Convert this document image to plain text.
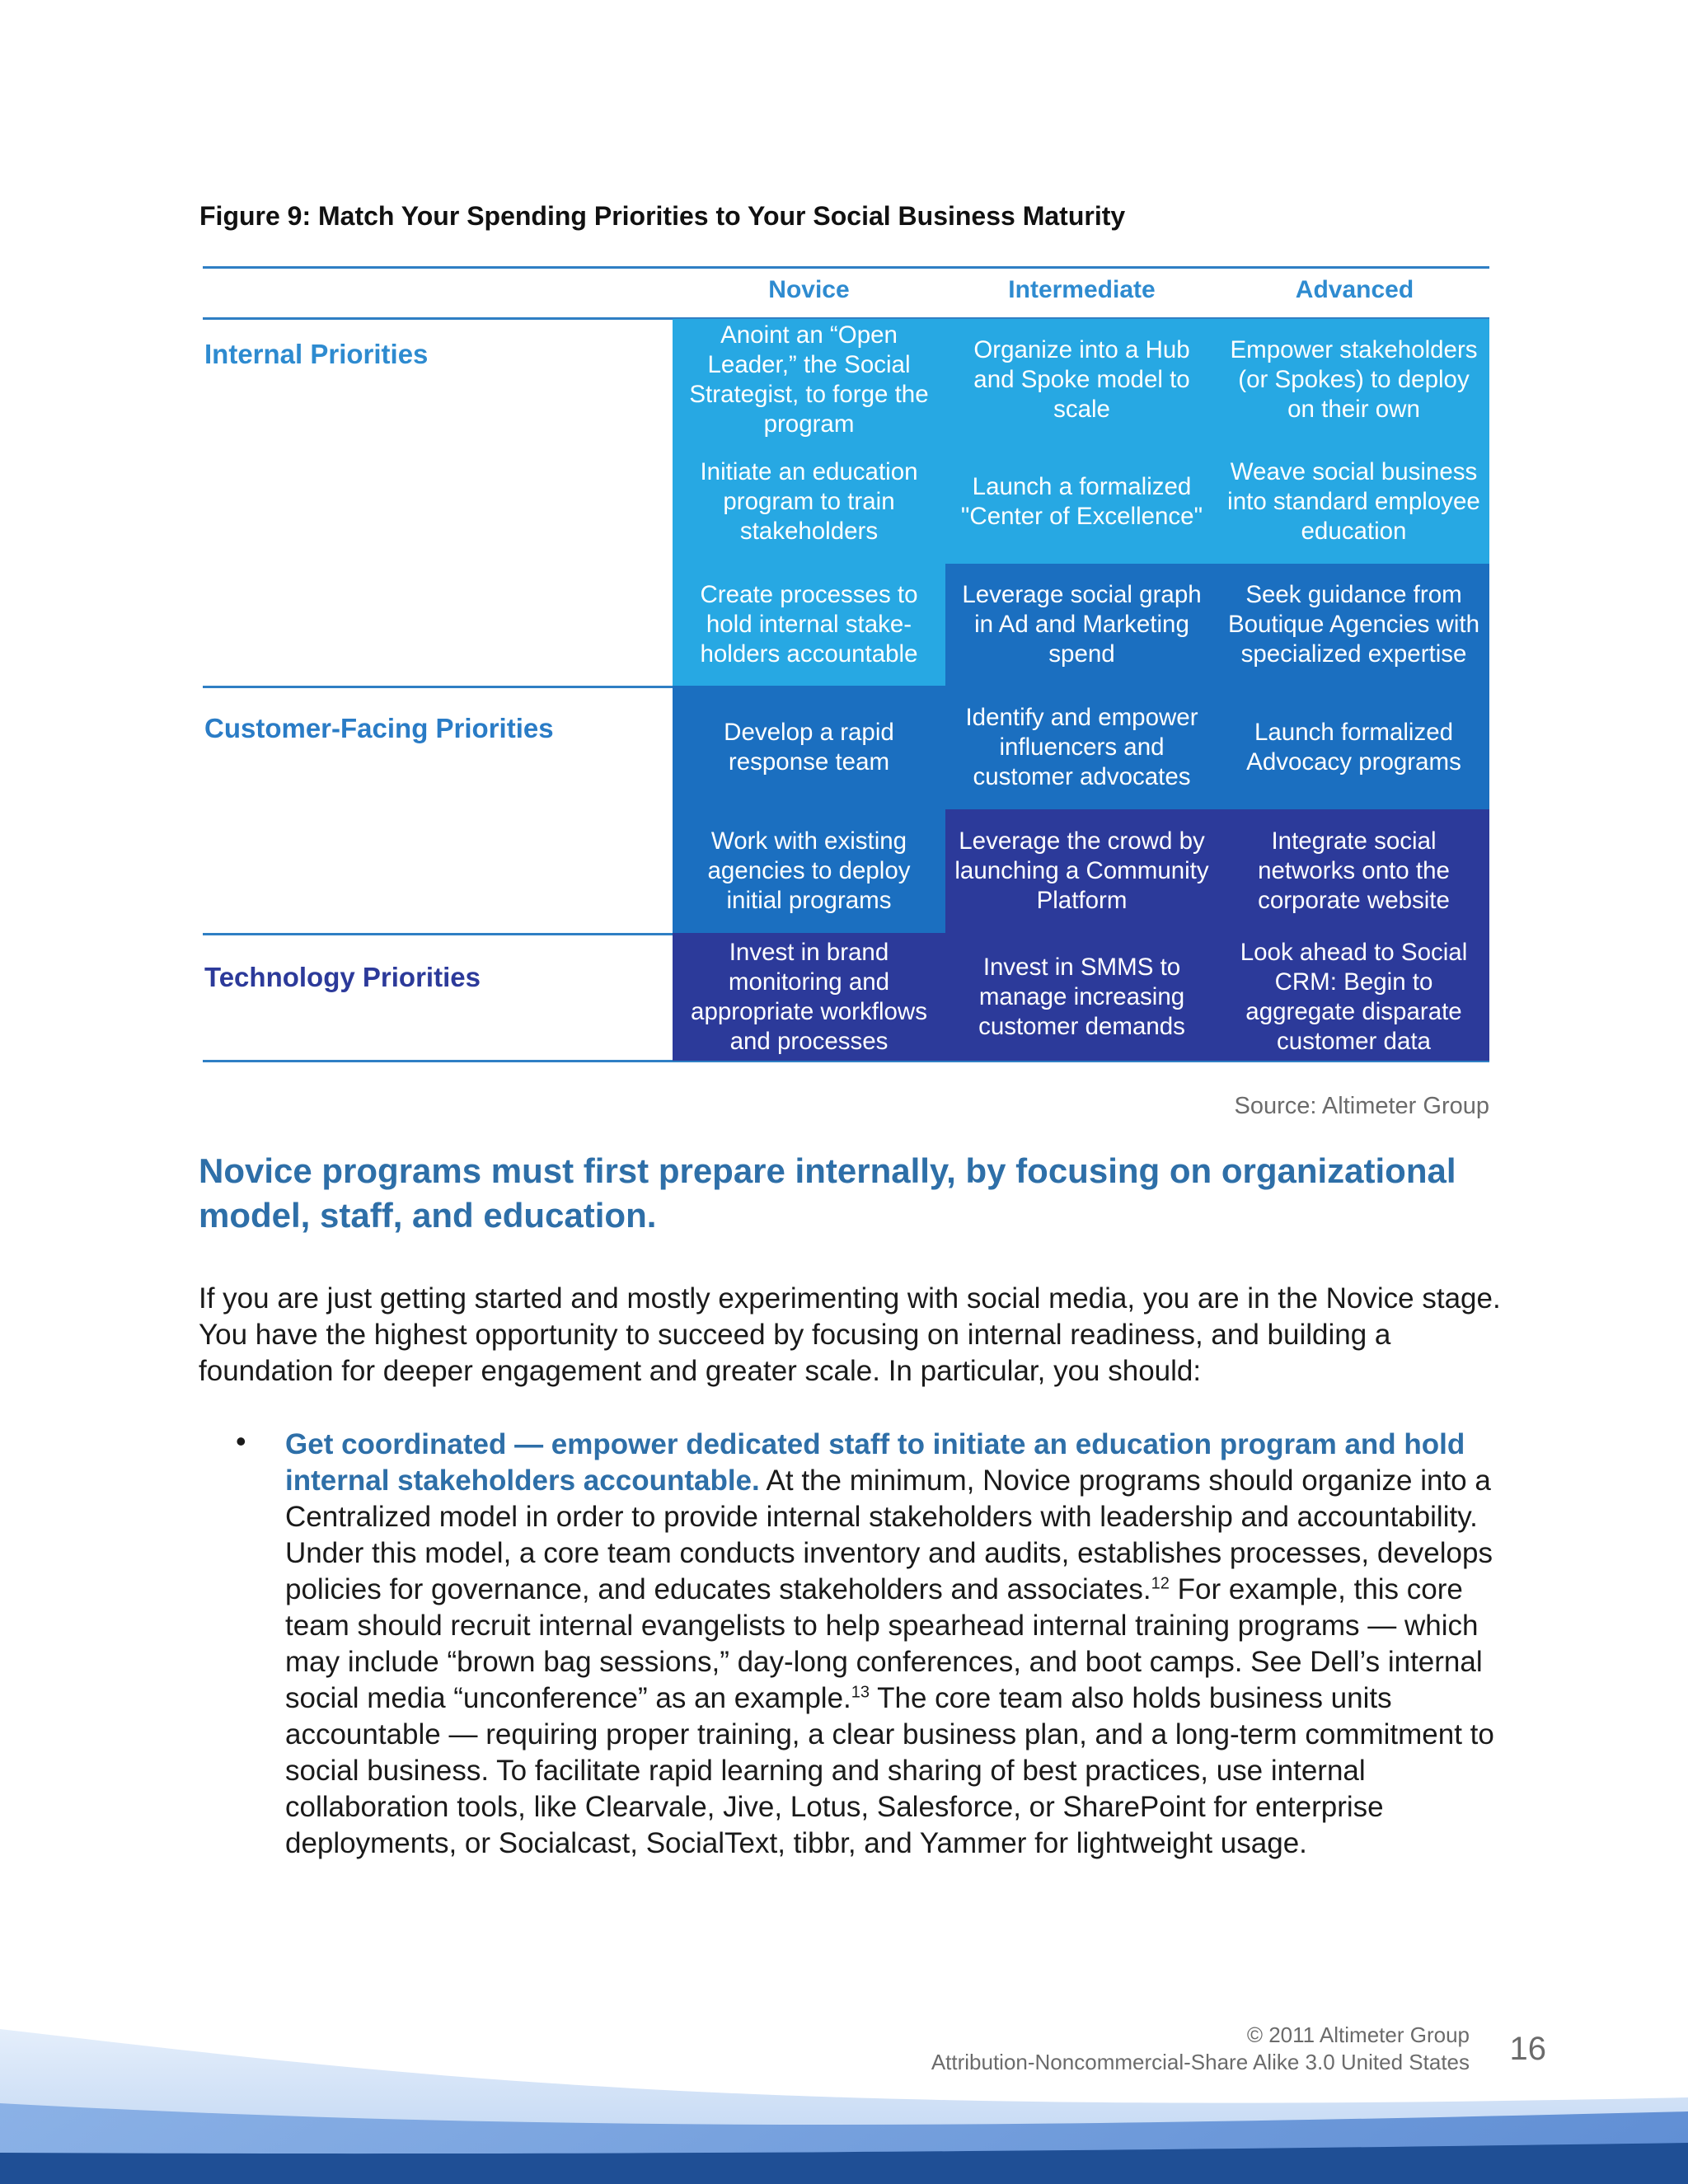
Figure 9: Match Your Spending Priorities to Your Social Business Maturity
Novice	Intermediate	Advanced
Internal Priorities
Customer-Facing Priorities
Technology Priorities
Anoint an “Open Leader,” the Social Strategist, to forge the program
Organize into a Hub and Spoke model to scale
Empower stakeholders (or Spokes) to deploy on their own
Initiate an education program to train stakeholders
Launch a formalized "Center of Excellence"
Weave social business into standard employee education
Create processes to hold internal stake-holders accountable
Leverage social graph in Ad and Marketing spend
Seek guidance from Boutique Agencies with specialized expertise
Develop a rapid response team
Identify and empower influencers and customer advocates
Launch formalized Advocacy programs
Work with existing agencies to deploy initial programs
Leverage the crowd by launching a Community Platform
Integrate social networks onto the corporate website
Invest in brand monitoring and appropriate workflows and processes
Invest in SMMS to manage increasing customer demands
Look ahead to Social CRM: Begin to aggregate disparate customer data
Source: Altimeter Group
Novice programs must first prepare internally, by focusing on organizational model, staff, and education.
If you are just getting started and mostly experimenting with social media, you are in the Novice stage. You have the highest opportunity to succeed by focusing on internal readiness, and building a foundation for deeper engagement and greater scale. In particular, you should:
• Get coordinated — empower dedicated staff to initiate an education program and hold internal stakeholders accountable. At the minimum, Novice programs should organize into a Centralized model in order to provide internal stakeholders with leadership and accountability. Under this model, a core team conducts inventory and audits, establishes processes, develops policies for governance, and educates stakeholders and associates.$^{12}$ For example, this core team should recruit internal evangelists to help spearhead internal training programs — which may include “brown bag sessions,” day-long conferences, and boot camps. See Dell’s internal social media “unconference” as an example.$^{13}$ The core team also holds business units accountable — requiring proper training, a clear business plan, and a long-term commitment to social business. To facilitate rapid learning and sharing of best practices, use internal collaboration tools, like Clearvale, Jive, Lotus, Salesforce, or SharePoint for enterprise deployments, or Socialcast, SocialText, tibbr, and Yammer for lightweight usage.
© 2011 Altimeter Group
Attribution-Noncommercial-Share Alike 3.0 United States 16
